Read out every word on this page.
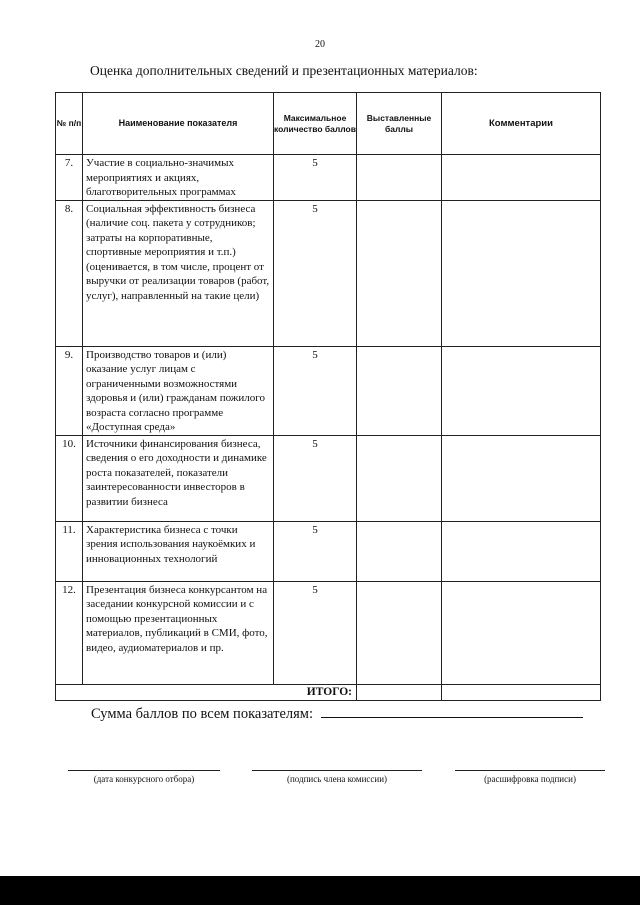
20
Оценка дополнительных сведений и презентационных материалов:
№ п/п	Наименование показателя	Максимальное количество баллов	Выставленные баллы	Комментарии
7.	Участие в социально-значимых мероприятиях и акциях, благотворительных программах	5		
8.	Социальная эффективность бизнеса (наличие соц. пакета у сотрудников; затраты на корпоративные, спортивные мероприятия и т.п.) (оценивается, в том числе, процент от выручки от реализации товаров (работ, услуг), направленный на такие цели)	5		
9.	Производство товаров и (или) оказание услуг лицам с ограниченными возможностями здоровья и (или) гражданам пожилого возраста согласно программе «Доступная среда»	5		
10.	Источники финансирования бизнеса, сведения о его доходности и динамике роста показателей, показатели заинтересованности инвесторов в развитии бизнеса	5		
11.	Характеристика бизнеса с точки зрения использования наукоёмких и инновационных технологий	5		
12.	Презентация бизнеса конкурсантом на заседании конкурсной комиссии и с помощью презентационных материалов, публикаций в СМИ, фото, видео, аудиоматериалов и пр.	5		
ИТОГО:				
Сумма баллов по всем показателям:
(дата конкурсного отбора)	(подпись члена комиссии)	(расшифровка подписи)
